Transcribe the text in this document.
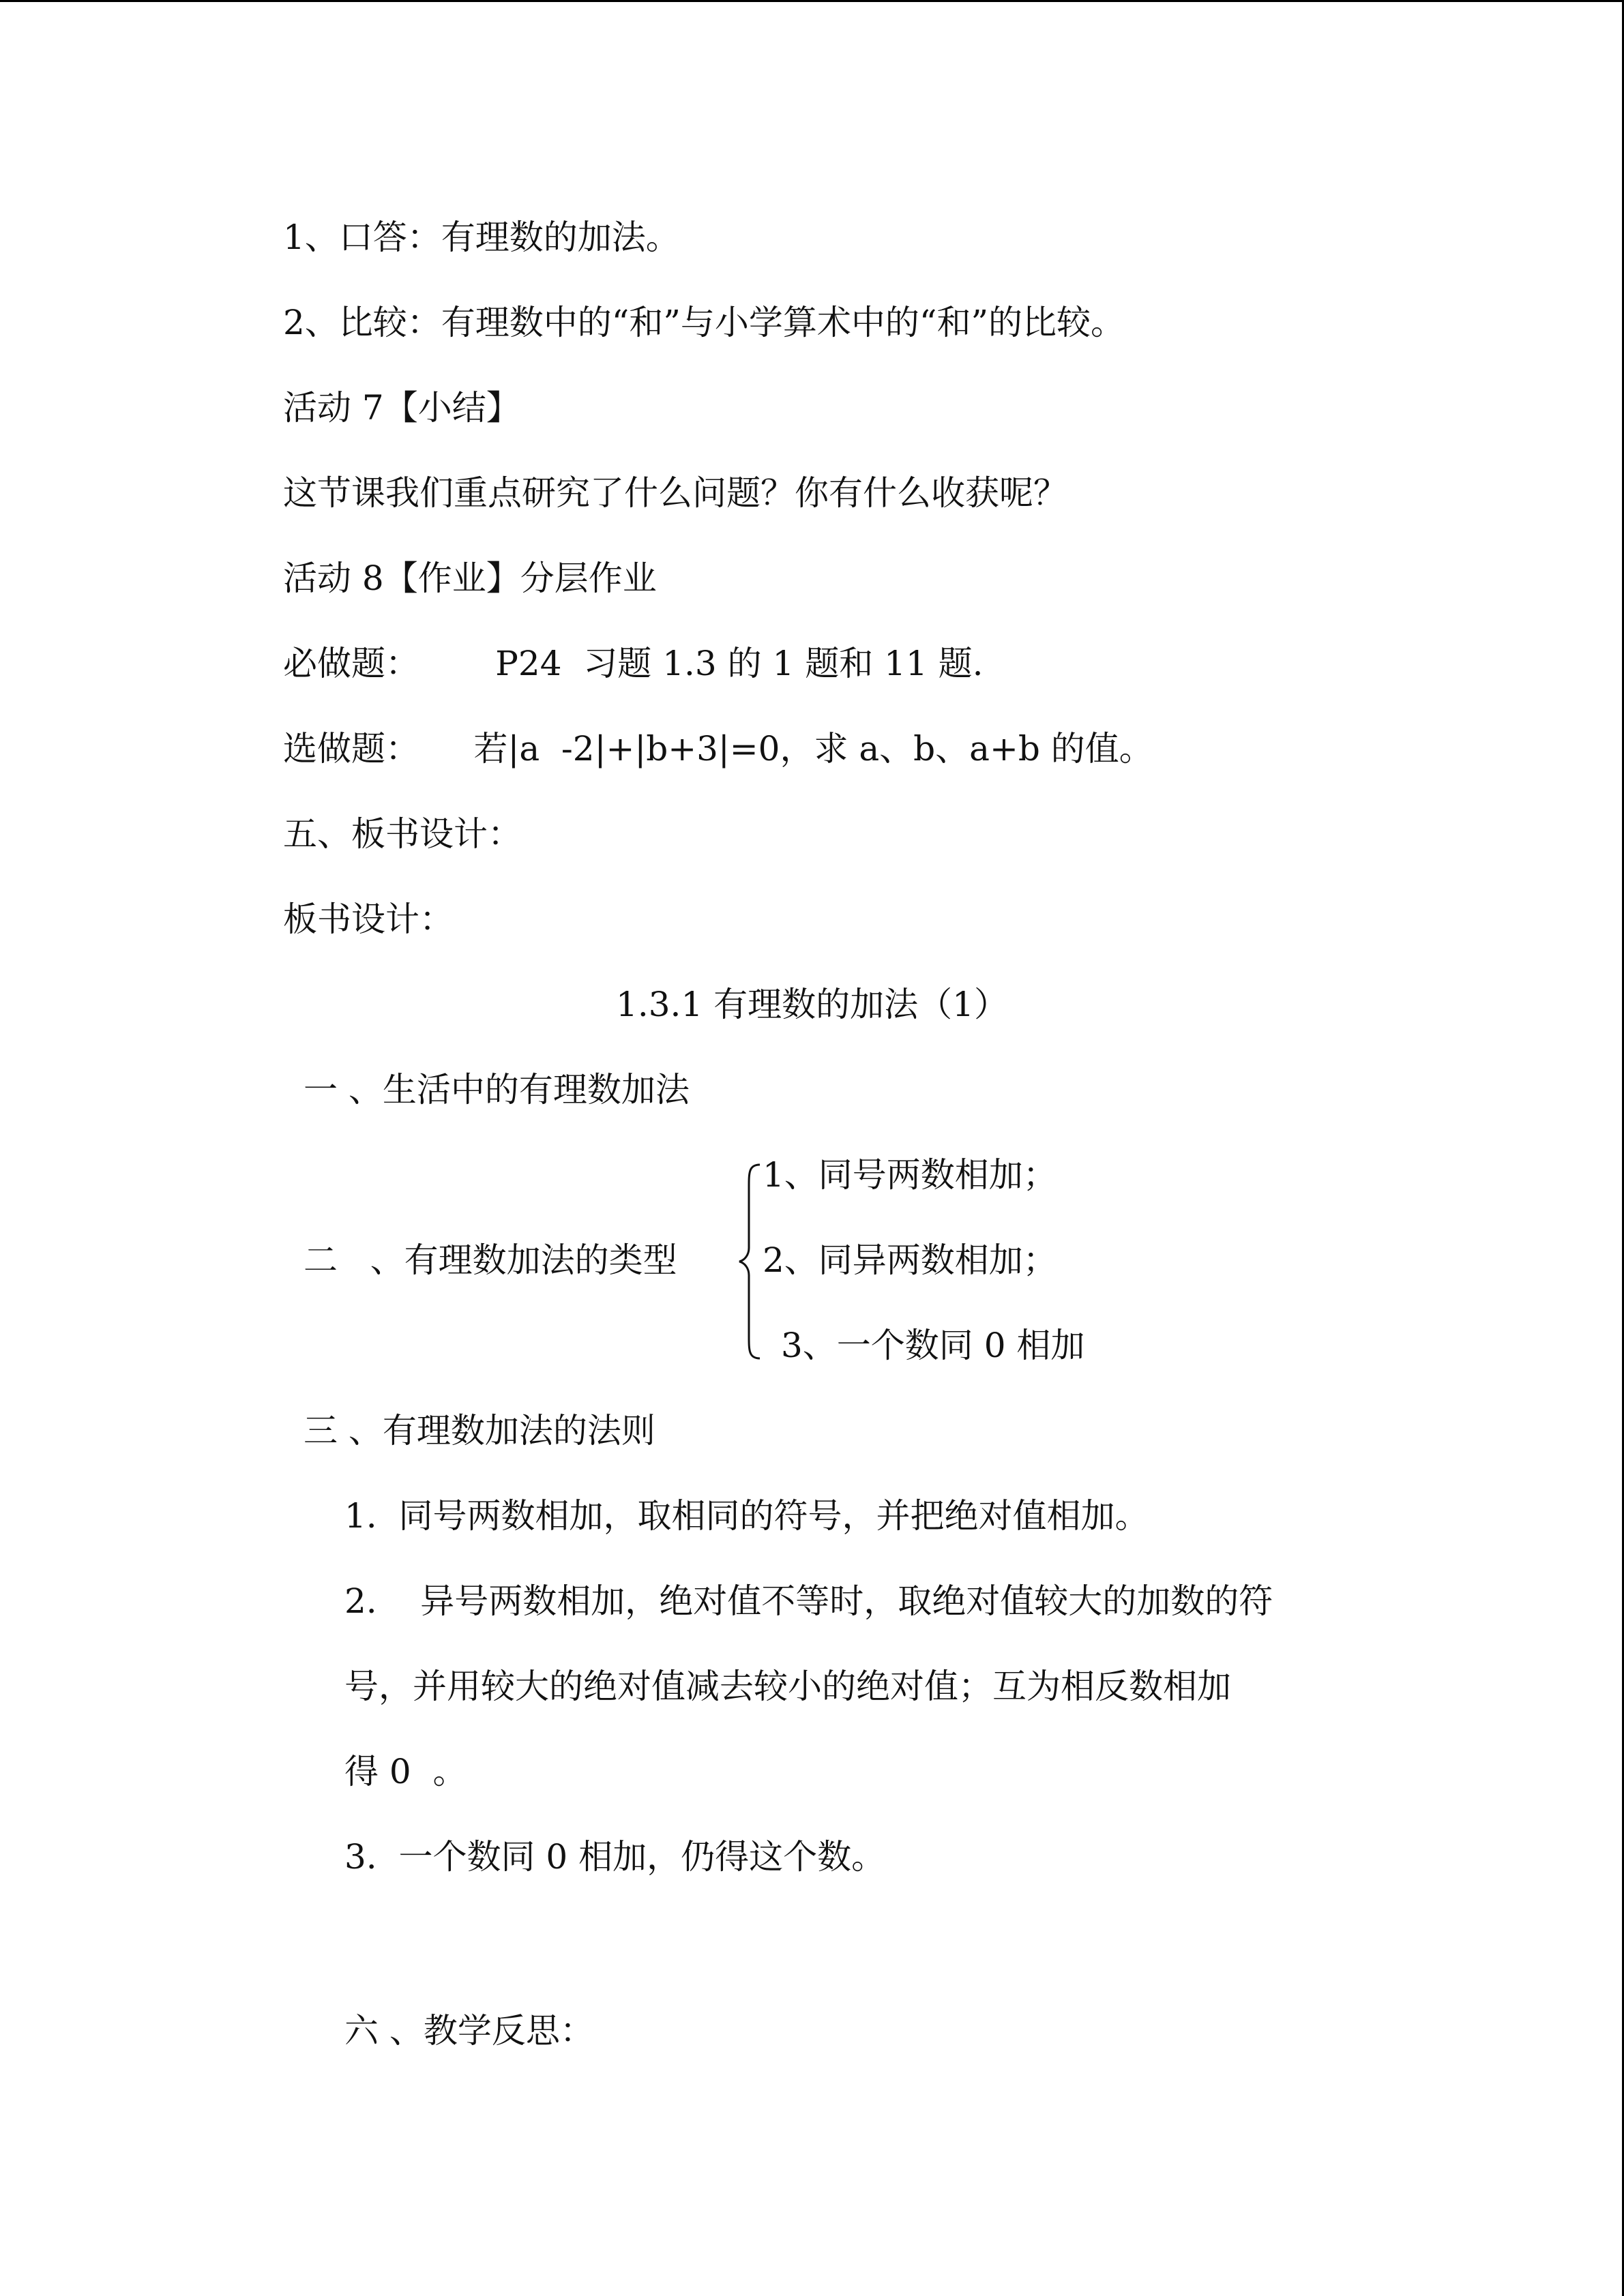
1、口答：有理数的加法。
2、比较：有理数中的“和”与小学算术中的“和”的比较。
活动 7【小结】
这节课我们重点研究了什么问题？你有什么收获呢？
活动 8【作业】分层作业
必做题：       P24  习题 1.3 的 1 题和 11 题.
选做题：     若|a  -2|+|b+3|=0，求 a、b、a+b 的值。
五、板书设计：
板书设计：
1.3.1 有理数的加法（1）
一 、生活中的有理数加法
二   、有理数加法的类型
1、同号两数相加；
2、同异两数相加；
3、一个数同 0 相加
三 、有理数加法的法则
1.  同号两数相加，取相同的符号，并把绝对值相加。
2.    异号两数相加，绝对值不等时，取绝对值较大的加数的符
号，并用较大的绝对值减去较小的绝对值；互为相反数相加
得 0  。
3.  一个数同 0 相加，仍得这个数。
六 、教学反思：
